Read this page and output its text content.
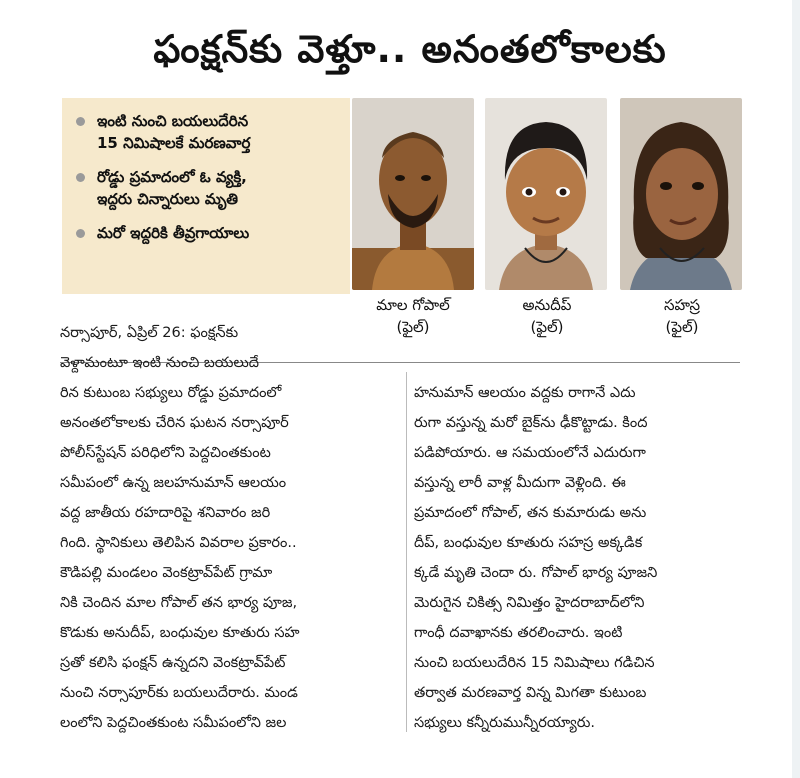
ఫంక్షన్‌కు వెళ్తూ.. అనంతలోకాలకు
ఇంటి నుంచి బయలుదేరిన
15 నిమిషాలకే మరణవార్త
రోడ్డు ప్రమాదంలో ఓ వ్యక్తి,
ఇద్దరు చిన్నారులు మృతి
మరో ఇద్దరికి తీవ్రగాయాలు
మాల గోపాల్
(ఫైల్)
అనుదీప్
(ఫైల్)
సహస్ర
(ఫైల్)

నర్సాపూర్, ఏప్రిల్ 26: ఫంక్షన్‌కు

వెళ్దామంటూ ఇంటి నుంచి బయలుదే

రిన కుటుంబ సభ్యులు రోడ్డు ప్రమాదంలో

అనంతలోకాలకు చేరిన ఘటన నర్సాపూర్

పోలీస్‌స్టేషన్ పరిధిలోని పెద్దచింతకుంట

సమీపంలో ఉన్న జలహనుమాన్ ఆలయం

వద్ద జాతీయ రహదారిపై శనివారం జరి

గింది. స్థానికులు తెలిపిన వివరాల ప్రకారం..

కౌడిపల్లి మండలం వెంకట్రావ్‌పేట్ గ్రామా

నికి చెందిన మాల గోపాల్ తన భార్య పూజ,

కొడుకు అనుదీప్, బంధువుల కూతురు సహ

స్రతో కలిసి ఫంక్షన్ ఉన్నదని వెంకట్రావ్‌పేట్

నుంచి నర్సాపూర్‌కు బయలుదేరారు. మండ

లంలోని పెద్దచింతకుంట సమీపంలోని జల

హనుమాన్ ఆలయం వద్దకు రాగానే ఎదు

రుగా వస్తున్న మరో బైక్‌ను ఢీకొట్టాడు. కింద

పడిపోయారు. ఆ సమయంలోనే ఎదురుగా

వస్తున్న లారీ వాళ్ల మీదుగా వెళ్లింది. ఈ

ప్రమాదంలో గోపాల్, తన కుమారుడు అను

దీప్, బంధువుల కూతురు సహస్ర అక్కడిక

క్కడే మృతి చెందా రు. గోపాల్ భార్య పూజని

మెరుగైన చికిత్స నిమిత్తం హైదరాబాద్‌లోని

గాంధీ దవాఖానకు తరలించారు. ఇంటి

నుంచి బయలుదేరిన 15 నిమిషాలు గడిచిన

తర్వాత మరణవార్త విన్న మిగతా కుటుంబ

సభ్యులు కన్నీరుమున్నీరయ్యారు.
